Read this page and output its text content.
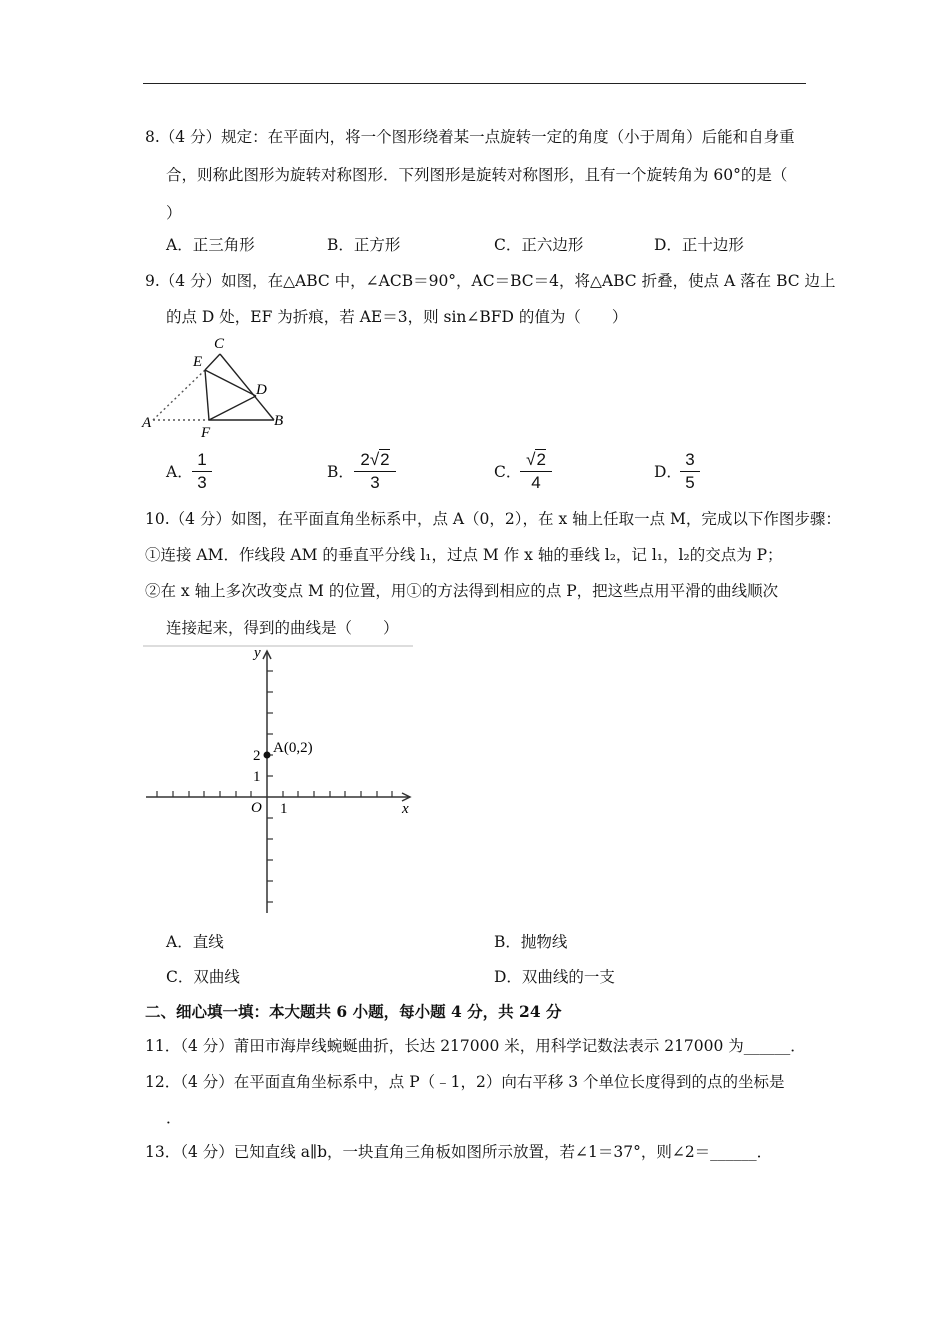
8.（4 分）规定：在平面内，将一个图形绕着某一点旋转一定的角度（小于周角）后能和自身重
合，则称此图形为旋转对称图形．下列图形是旋转对称图形，且有一个旋转角为 60°的是（
）
A．正三角形	B．正方形	C．正六边形	D．正十边形
9.（4 分）如图，在△ABC 中，∠ACB＝90°，AC＝BC＝4，将△ABC 折叠，使点 A 落在 BC 边上
的点 D 处，EF 为折痕，若 AE＝3，则 sin∠BFD 的值为（　　）
C
E
D
A
F
B
A．
1
3
B．
2√2
3
C．
√2
4
D．
3
5
10.（4 分）如图，在平面直角坐标系中，点 A（0，2），在 x 轴上任取一点 M，完成以下作图步骤：
①连接 AM．作线段 AM 的垂直平分线 l₁，过点 M 作 x 轴的垂线 l₂，记 l₁，l₂的交点为 P；
②在 x 轴上多次改变点 M 的位置，用①的方法得到相应的点 P，把这些点用平滑的曲线顺次
连接起来，得到的曲线是（　　）
y
x
O 1
1
2 A(0,2)
A．直线	B．抛物线
C．双曲线	D．双曲线的一支
二、细心填一填：本大题共 6 小题，每小题 4 分，共 24 分
11．（4 分）莆田市海岸线蜿蜒曲折，长达 217000 米，用科学记数法表示 217000 为______．
12．（4 分）在平面直角坐标系中，点 P（﹣1，2）向右平移 3 个单位长度得到的点的坐标是
．
13．（4 分）已知直线 a∥b，一块直角三角板如图所示放置，若∠1＝37°，则∠2＝______．
